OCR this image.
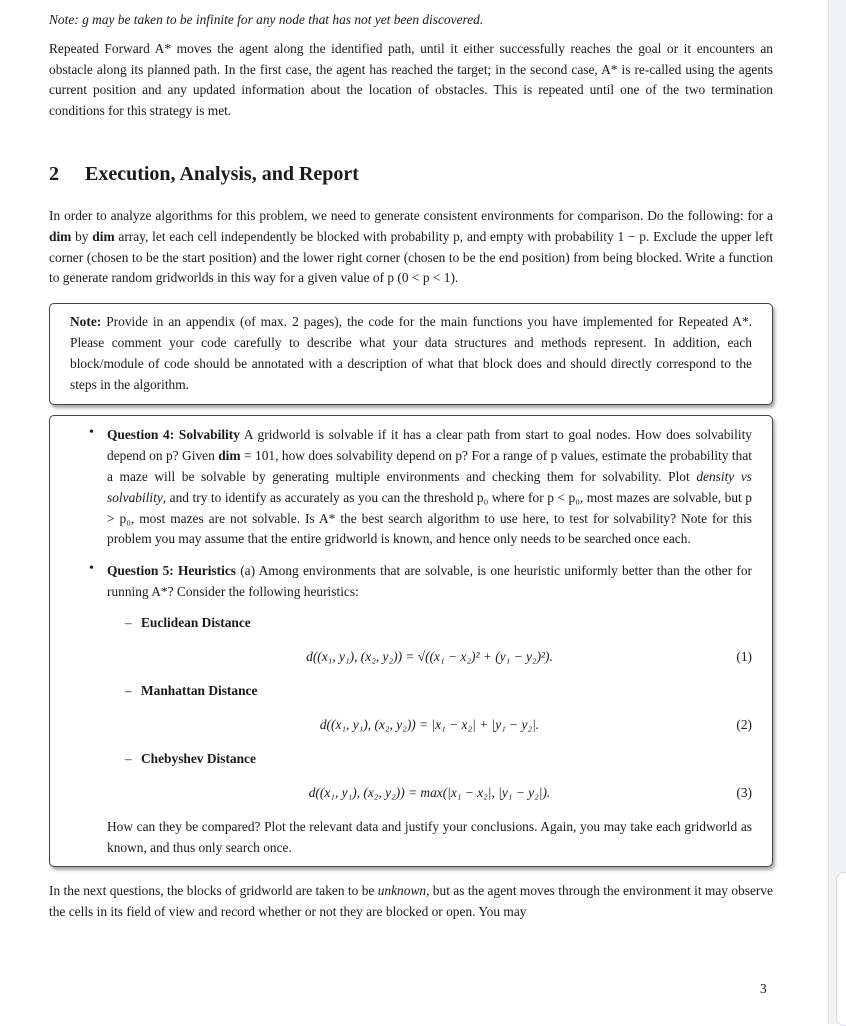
Note: g may be taken to be infinite for any node that has not yet been discovered.

Repeated Forward A* moves the agent along the identified path, until it either successfully reaches the goal or it encounters an obstacle along its planned path. In the first case, the agent has reached the target; in the second case, A* is re-called using the agents current position and any updated information about the location of obstacles. This is repeated until one of the two termination conditions for this strategy is met.

2 Execution, Analysis, and Report

In order to analyze algorithms for this problem, we need to generate consistent environments for comparison. Do the following: for a dim by dim array, let each cell independently be blocked with probability p, and empty with probability 1 − p. Exclude the upper left corner (chosen to be the start position) and the lower right corner (chosen to be the end position) from being blocked. Write a function to generate random gridworlds in this way for a given value of p (0 < p < 1).

Note: Provide in an appendix (of max. 2 pages), the code for the main functions you have implemented for Repeated A*. Please comment your code carefully to describe what your data structures and methods represent. In addition, each block/module of code should be annotated with a description of what that block does and should directly correspond to the steps in the algorithm.

• Question 4: Solvability A gridworld is solvable if it has a clear path from start to goal nodes. How does solvability depend on p? Given dim = 101, how does solvability depend on p? For a range of p values, estimate the probability that a maze will be solvable by generating multiple environments and checking them for solvability. Plot density vs solvability, and try to identify as accurately as you can the threshold p₀ where for p < p₀, most mazes are solvable, but p > p₀, most mazes are not solvable. Is A* the best search algorithm to use here, to test for solvability? Note for this problem you may assume that the entire gridworld is known, and hence only needs to be searched once each.

• Question 5: Heuristics (a) Among environments that are solvable, is one heuristic uniformly better than the other for running A*? Consider the following heuristics:

– Euclidean Distance
d((x₁, y₁), (x₂, y₂)) = √((x₁ − x₂)² + (y₁ − y₂)²).	(1)
– Manhattan Distance
d((x₁, y₁), (x₂, y₂)) = |x₁ − x₂| + |y₁ − y₂|.	(2)
– Chebyshev Distance
d((x₁, y₁), (x₂, y₂)) = max(|x₁ − x₂|, |y₁ − y₂|).	(3)

How can they be compared? Plot the relevant data and justify your conclusions. Again, you may take each gridworld as known, and thus only search once.

In the next questions, the blocks of gridworld are taken to be unknown, but as the agent moves through the environment it may observe the cells in its field of view and record whether or not they are blocked or open. You may

3
